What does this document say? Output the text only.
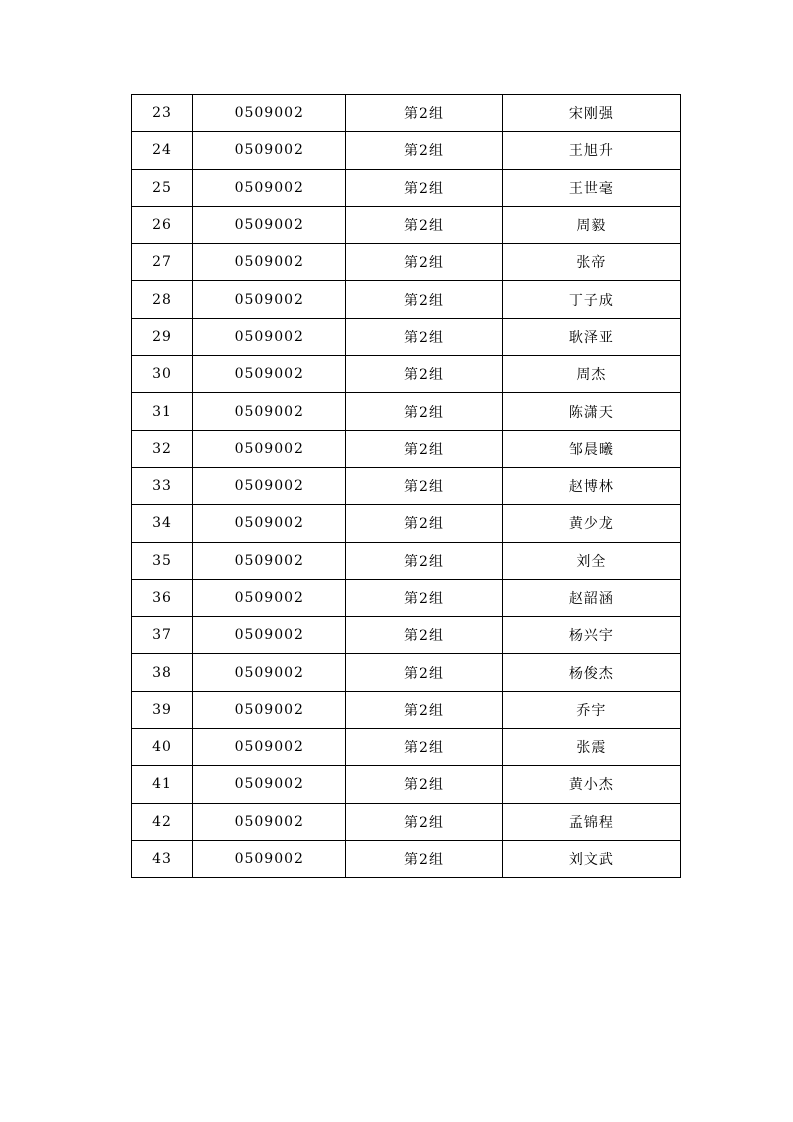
23	0509002	第2组	宋刚强
24	0509002	第2组	王旭升
25	0509002	第2组	王世毫
26	0509002	第2组	周毅
27	0509002	第2组	张帝
28	0509002	第2组	丁子成
29	0509002	第2组	耿泽亚
30	0509002	第2组	周杰
31	0509002	第2组	陈潇天
32	0509002	第2组	邹晨曦
33	0509002	第2组	赵博林
34	0509002	第2组	黄少龙
35	0509002	第2组	刘全
36	0509002	第2组	赵韶涵
37	0509002	第2组	杨兴宇
38	0509002	第2组	杨俊杰
39	0509002	第2组	乔宇
40	0509002	第2组	张震
41	0509002	第2组	黄小杰
42	0509002	第2组	孟锦程
43	0509002	第2组	刘文武
